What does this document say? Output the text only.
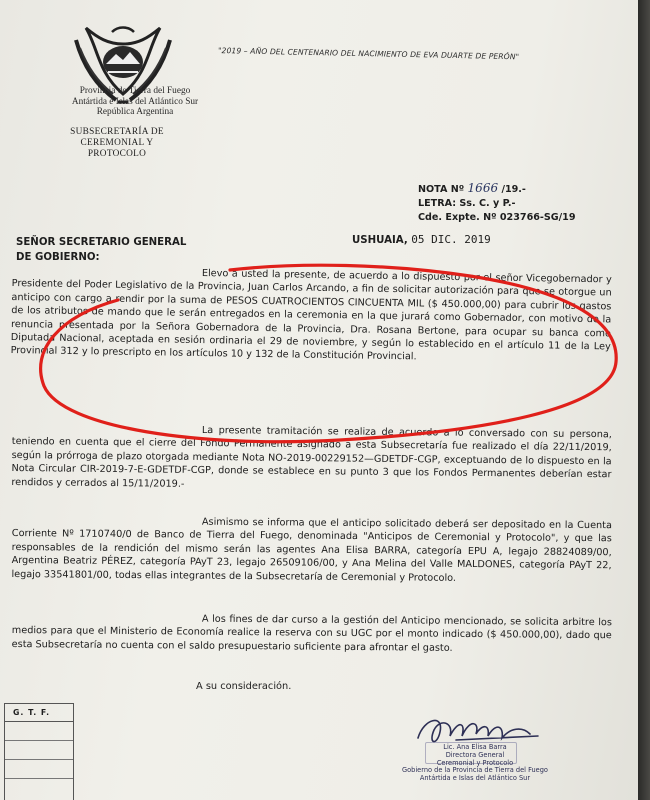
Provincia de Tierra del Fuego
Antártida e Islas del Atlántico Sur
República Argentina
SUBSECRETARÍA DE
CEREMONIAL Y PROTOCOLO
"2019 – AÑO DEL CENTENARIO DEL NACIMIENTO DE EVA DUARTE DE PERÓN"
NOTA Nº 1666 /19.-
LETRA: Ss. C. y P.-
Cde. Expte. Nº 023766-SG/19
SEÑOR SECRETARIO GENERAL
DE GOBIERNO:
USHUAIA, 05 DIC. 2019
Elevo a usted la presente, de acuerdo a lo dispuesto por el señor Vicegobernador y Presidente del Poder Legislativo de la Provincia, Juan Carlos Arcando, a fin de solicitar autorización para que se otorgue un anticipo con cargo a rendir por la suma de PESOS CUATROCIENTOS CINCUENTA MIL ($ 450.000,00) para cubrir los gastos de los atributos de mando que le serán entregados en la ceremonia en la que jurará como Gobernador, con motivo de la renuncia presentada por la Señora Gobernadora de la Provincia, Dra. Rosana Bertone, para ocupar su banca como Diputada Nacional, aceptada en sesión ordinaria el 29 de noviembre, y según lo establecido en el artículo 11 de la Ley Provincial 312 y lo prescripto en los artículos 10 y 132 de la Constitución Provincial.
La presente tramitación se realiza de acuerdo a lo conversado con su persona, teniendo en cuenta que el cierre del Fondo Permanente asignado a esta Subsecretaría fue realizado el día 22/11/2019, según la prórroga de plazo otorgada mediante Nota NO-2019-00229152—GDETDF-CGP, exceptuando de lo dispuesto en la Nota Circular CIR-2019-7-E-GDETDF-CGP, donde se establece en su punto 3 que los Fondos Permanentes deberían estar rendidos y cerrados al 15/11/2019.-
Asimismo se informa que el anticipo solicitado deberá ser depositado en la Cuenta Corriente Nº 1710740/0 de Banco de Tierra del Fuego, denominada "Anticipos de Ceremonial y Protocolo", y que las responsables de la rendición del mismo serán las agentes Ana Elisa BARRA, categoría EPU A, legajo 28824089/00, Argentina Beatriz PÉREZ, categoría PAyT 23, legajo 26509106/00, y Ana Melina del Valle MALDONES, categoría PAyT 22, legajo 33541801/00, todas ellas integrantes de la Subsecretaría de Ceremonial y Protocolo.
A los fines de dar curso a la gestión del Anticipo mencionado, se solicita arbitre los medios para que el Ministerio de Economía realice la reserva con su UGC por el monto indicado ($ 450.000,00), dado que esta Subsecretaría no cuenta con el saldo presupuestario suficiente para afrontar el gasto.
A su consideración.
G. T. F.
Lic. Ana Elisa Barra
Directora General
Ceremonial y Protocolo
Gobierno de la Provincia de Tierra del Fuego
Antártida e Islas del Atlántico Sur
